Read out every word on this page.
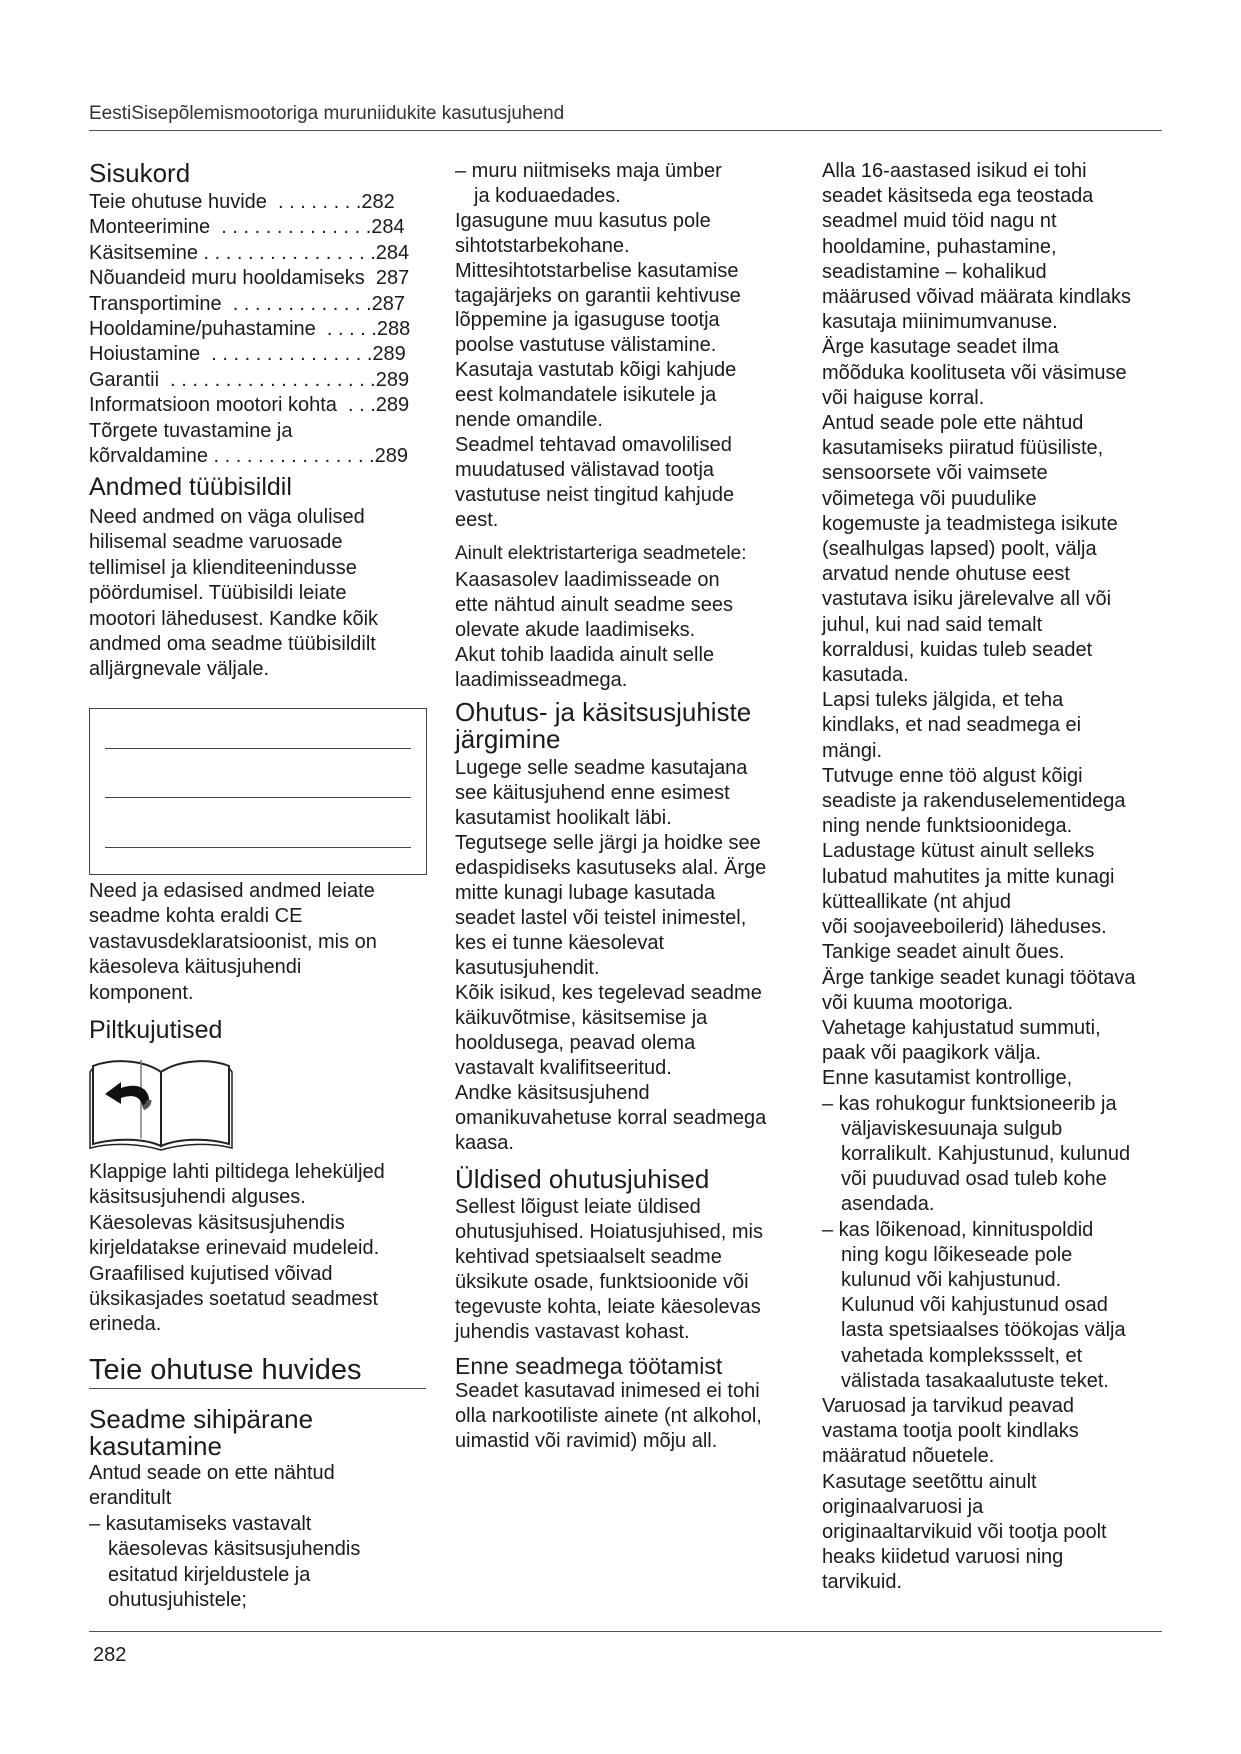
EestiSisepõlemismootoriga muruniidukite kasutusjuhend
Sisukord
Teie ohutuse huvide  . . . . . . . .282
Monteerimine  . . . . . . . . . . . . . .284
Käsitsemine . . . . . . . . . . . . . . . .284
Nõuandeid muru hooldamiseks  287
Transportimine  . . . . . . . . . . . . .287
Hooldamine/puhastamine  . . . . .288
Hoiustamine  . . . . . . . . . . . . . . .289
Garantii  . . . . . . . . . . . . . . . . . . .289
Informatsioon mootori kohta  . . .289
Tõrgete tuvastamine ja
kõrvaldamine . . . . . . . . . . . . . . .289
Andmed tüübisildil
Need andmed on väga olulised
hilisemal seadme varuosade
tellimisel ja klienditeenindusse
pöördumisel. Tüübisildi leiate
mootori lähedusest. Kandke kõik
andmed oma seadme tüübisildilt
alljärgnevale väljale.
Need ja edasised andmed leiate
seadme kohta eraldi CE
vastavusdeklaratsioonist, mis on
käesoleva käitusjuhendi
komponent.
Piltkujutised
Klappige lahti piltidega leheküljed
käsitsusjuhendi alguses.
Käesolevas käsitsusjuhendis
kirjeldatakse erinevaid mudeleid.
Graafilised kujutised võivad
üksikasjades soetatud seadmest
erineda.
Teie ohutuse huvides
Seadme sihipärane
kasutamine
Antud seade on ette nähtud
eranditult
– kasutamiseks vastavalt
käesolevas käsitsusjuhendis
esitatud kirjeldustele ja
ohutusjuhistele;
– muru niitmiseks maja ümber
ja koduaedades.
Igasugune muu kasutus pole
sihtotstarbekohane.
Mittesihtotstarbelise kasutamise
tagajärjeks on garantii kehtivuse
lõppemine ja igasuguse tootja
poolse vastutuse välistamine.
Kasutaja vastutab kõigi kahjude
eest kolmandatele isikutele ja
nende omandile.
Seadmel tehtavad omavolilised
muudatused välistavad tootja
vastutuse neist tingitud kahjude
eest.
Ainult elektristarteriga seadmetele:
Kaasasolev laadimisseade on
ette nähtud ainult seadme sees
olevate akude laadimiseks.
Akut tohib laadida ainult selle
laadimisseadmega.
Ohutus- ja käsitsusjuhiste
järgimine
Lugege selle seadme kasutajana
see käitusjuhend enne esimest
kasutamist hoolikalt läbi.
Tegutsege selle järgi ja hoidke see
edaspidiseks kasutuseks alal. Ärge
mitte kunagi lubage kasutada
seadet lastel või teistel inimestel,
kes ei tunne käesolevat
kasutusjuhendit.
Kõik isikud, kes tegelevad seadme
käikuvõtmise, käsitsemise ja
hooldusega, peavad olema
vastavalt kvalifitseeritud.
Andke käsitsusjuhend
omanikuvahetuse korral seadmega
kaasa.
Üldised ohutusjuhised
Sellest lõigust leiate üldised
ohutusjuhised. Hoiatusjuhised, mis
kehtivad spetsiaalselt seadme
üksikute osade, funktsioonide või
tegevuste kohta, leiate käesolevas
juhendis vastavast kohast.
Enne seadmega töötamist
Seadet kasutavad inimesed ei tohi
olla narkootiliste ainete (nt alkohol,
uimastid või ravimid) mõju all.
Alla 16-aastased isikud ei tohi
seadet käsitseda ega teostada
seadmel muid töid nagu nt
hooldamine, puhastamine,
seadistamine – kohalikud
määrused võivad määrata kindlaks
kasutaja miinimumvanuse.
Ärge kasutage seadet ilma
mõõduka koolituseta või väsimuse
või haiguse korral.
Antud seade pole ette nähtud
kasutamiseks piiratud füüsiliste,
sensoorsete või vaimsete
võimetega või puudulike
kogemuste ja teadmistega isikute
(sealhulgas lapsed) poolt, välja
arvatud nende ohutuse eest
vastutava isiku järelevalve all või
juhul, kui nad said temalt
korraldusi, kuidas tuleb seadet
kasutada.
Lapsi tuleks jälgida, et teha
kindlaks, et nad seadmega ei
mängi.
Tutvuge enne töö algust kõigi
seadiste ja rakenduselementidega
ning nende funktsioonidega.
Ladustage kütust ainult selleks
lubatud mahutites ja mitte kunagi
kütteallikate (nt ahjud
või soojaveeboilerid) läheduses.
Tankige seadet ainult õues.
Ärge tankige seadet kunagi töötava
või kuuma mootoriga.
Vahetage kahjustatud summuti,
paak või paagikork välja.
Enne kasutamist kontrollige,
– kas rohukogur funktsioneerib ja
väljaviskesuunaja sulgub
korralikult. Kahjustunud, kulunud
või puuduvad osad tuleb kohe
asendada.
– kas lõikenoad, kinnituspoldid
ning kogu lõikeseade pole
kulunud või kahjustunud.
Kulunud või kahjustunud osad
lasta spetsiaalses töökojas välja
vahetada komplekssselt, et
välistada tasakaalutuste teket.
Varuosad ja tarvikud peavad
vastama tootja poolt kindlaks
määratud nõuetele.
Kasutage seetõttu ainult
originaalvaruosi ja
originaaltarvikuid või tootja poolt
heaks kiidetud varuosi ning
tarvikuid.
282
